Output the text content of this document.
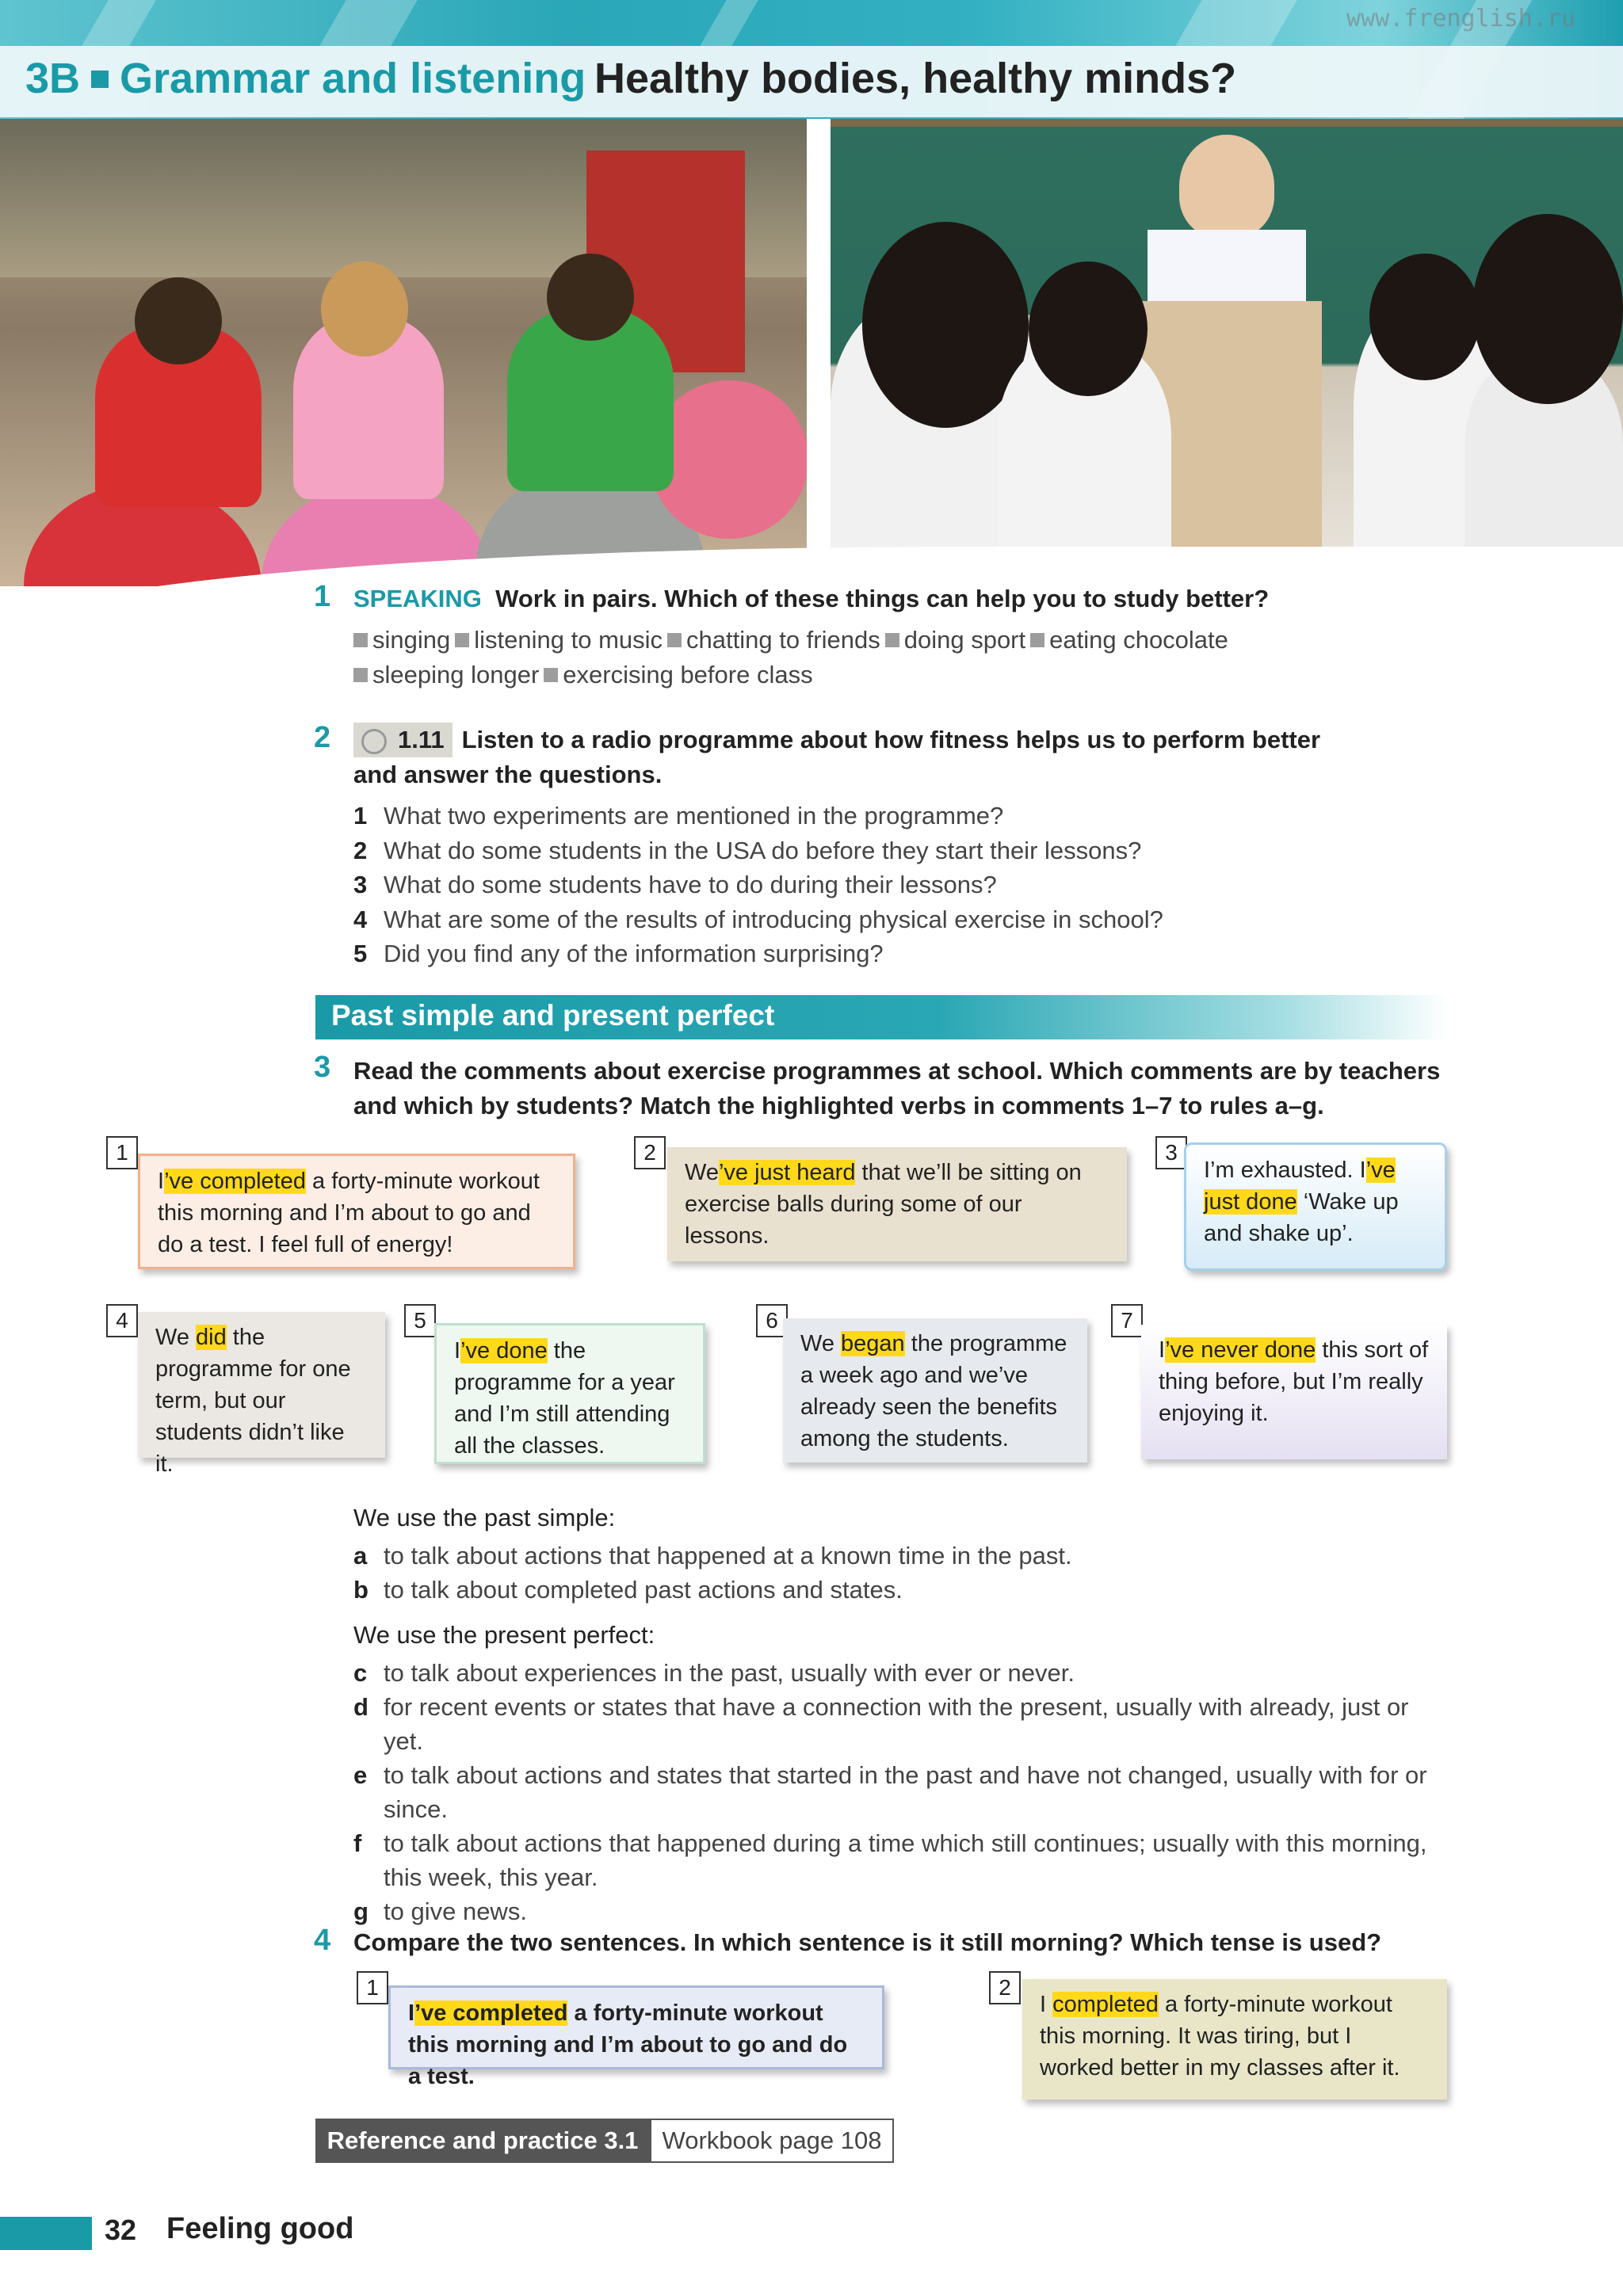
www.frenglish.ru
3B Grammar and listening Healthy bodies, healthy minds?
1 SPEAKING Work in pairs. Which of these things can help you to study better?
singing listening to music chatting to friends doing sport eating chocolate
sleeping longer exercising before class
2	1.11 Listen to a radio programme about how fitness helps us to perform better
and answer the questions.
1 What two experiments are mentioned in the programme?
2 What do some students in the USA do before they start their lessons?
3 What do some students have to do during their lessons?
4 What are some of the results of introducing physical exercise in school?
5 Did you find any of the information surprising?
Past simple and present perfect
3 Read the comments about exercise programmes at school. Which comments are by teachers
and which by students? Match the highlighted verbs in comments 1–7 to rules a–g.
1
I’ve completed a forty-minute workout this morning and I’m about to go and do a test. I feel full of energy!
2
We’ve just heard that we’ll be sitting on exercise balls during some of our lessons.
3
I’m exhausted. I’ve just done ‘Wake up and shake up’.
4
We did the programme for one term, but our students didn’t like it.
5
I’ve done the programme for a year and I’m still attending all the classes.
6
We began the programme a week ago and we’ve already seen the benefits among the students.
7
I’ve never done this sort of thing before, but I’m really enjoying it.
We use the past simple:
a to talk about actions that happened at a known time in the past.
b to talk about completed past actions and states.
We use the present perfect:
c to talk about experiences in the past, usually with ever or never.
d for recent events or states that have a connection with the present, usually with already, just or yet.
e to talk about actions and states that started in the past and have not changed, usually with for or since.
f to talk about actions that happened during a time which still continues; usually with this morning, this week, this year.
g to give news.
4 Compare the two sentences. In which sentence is it still morning? Which tense is used?
1
I’ve completed a forty-minute workout this morning and I’m about to go and do a test.
2
I completed a forty-minute workout this morning. It was tiring, but I worked better in my classes after it.
Reference and practice 3.1 Workbook page 108
32 Feeling good
